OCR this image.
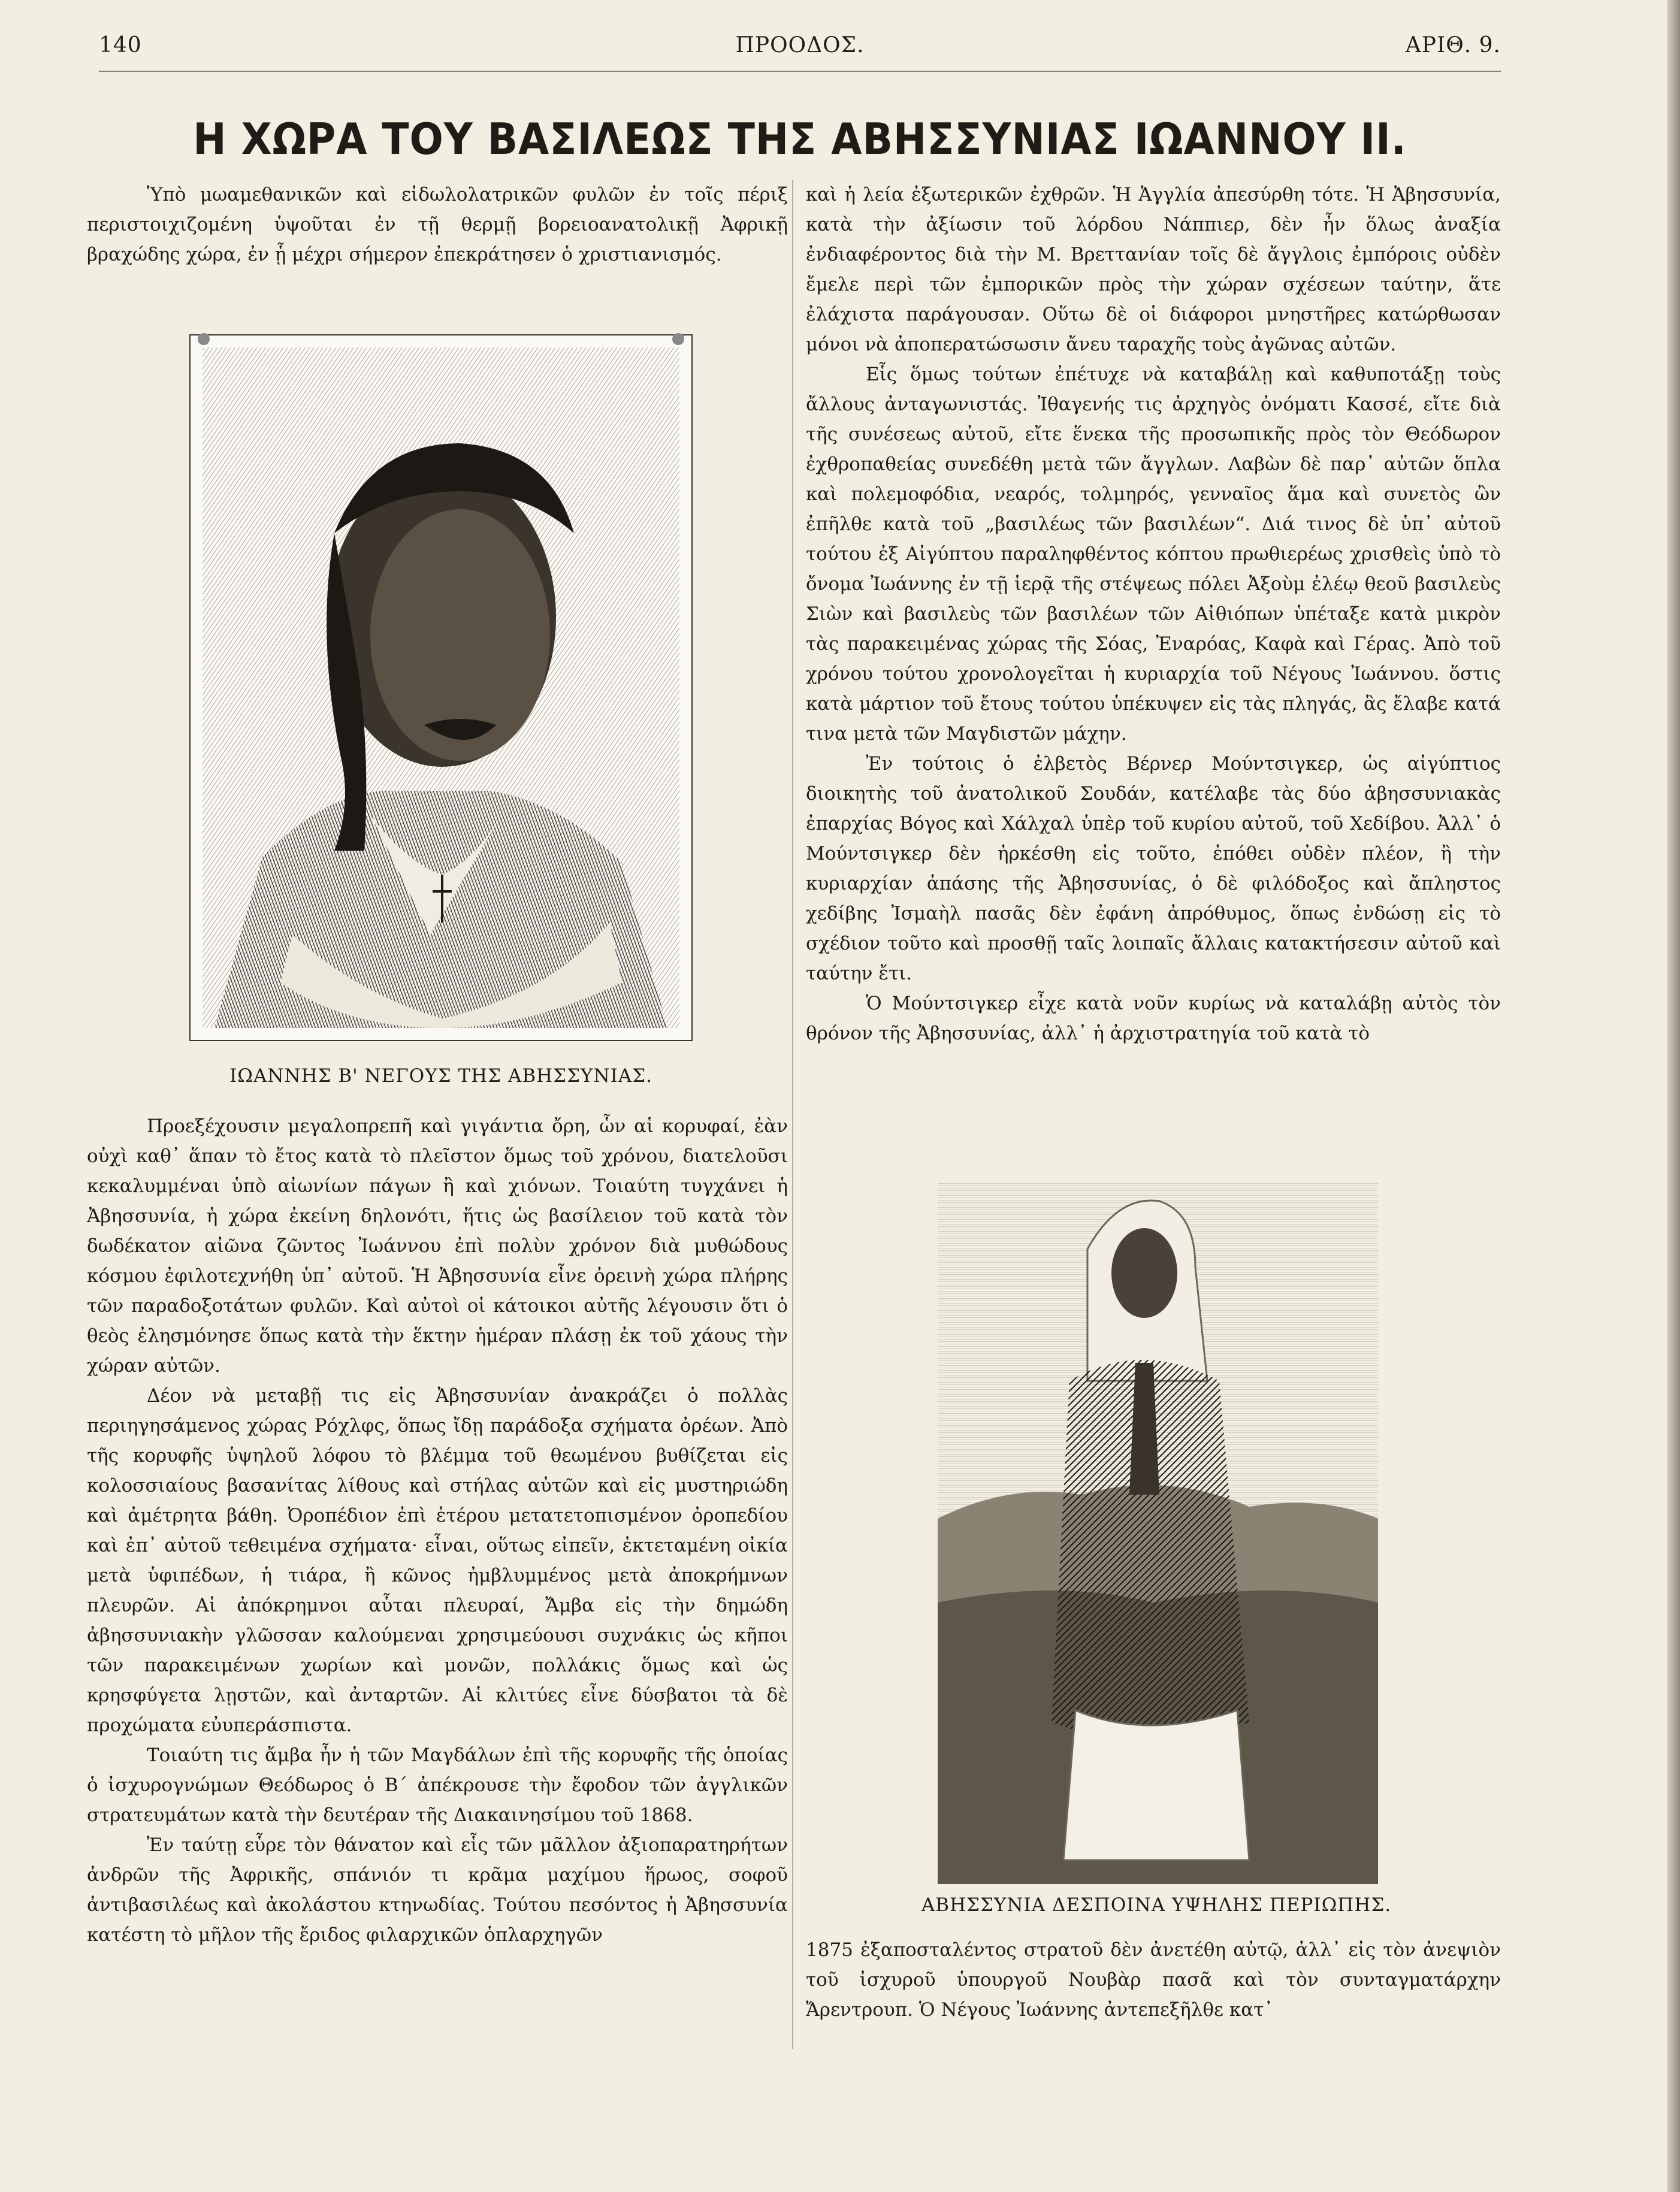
140	ΠΡΟΟΔΟΣ.	ΑΡΙΘ. 9.
Η ΧΩΡΑ ΤΟΥ ΒΑΣΙΛΕΩΣ ΤΗΣ ΑΒΗΣΣΥΝΙΑΣ ΙΩΑΝΝΟΥ ΙΙ.
Ὑπὸ μωαμεθανικῶν καὶ εἰδωλολατρικῶν φυλῶν ἐν τοῖς πέριξ περιστοιχιζομένη ὑψοῦται ἐν τῇ θερμῇ βορειοανατολικῇ Ἀφρικῇ βραχώδης χώρα, ἐν ᾗ μέχρι σήμερον ἐπεκράτησεν ὁ χριστιανισμός.
ΙΩΑΝΝΗΣ Β' ΝΕΓΟΥΣ ΤΗΣ ΑΒΗΣΣΥΝΙΑΣ.

Προεξέχουσιν μεγαλοπρεπῆ καὶ γιγάντια ὄρη, ὧν αἱ κορυφαί, ἐὰν οὐχὶ καθ᾽ ἅπαν τὸ ἔτος κατὰ τὸ πλεῖστον ὅμως τοῦ χρόνου, διατελοῦσι κεκαλυμμέναι ὑπὸ αἰωνίων πάγων ἢ καὶ χιόνων. Τοιαύτη τυγχάνει ἡ Ἀβησσυνία, ἡ χώρα ἐκείνη δηλονότι, ἥτις ὡς βασίλειον τοῦ κατὰ τὸν δωδέκατον αἰῶνα ζῶντος Ἰωάννου ἐπὶ πολὺν χρόνον διὰ μυθώδους κόσμου ἐφιλοτεχνήθη ὑπ᾽ αὐτοῦ. Ἡ Ἀβησσυνία εἶνε ὀρεινὴ χώρα πλήρης τῶν παραδοξοτάτων φυλῶν. Καὶ αὐτοὶ οἱ κάτοικοι αὐτῆς λέγουσιν ὅτι ὁ θεὸς ἐλησμόνησε ὅπως κατὰ τὴν ἕκτην ἡμέραν πλάσῃ ἐκ τοῦ χάους τὴν χώραν αὐτῶν.

Δέον νὰ μεταβῇ τις εἰς Ἀβησσυνίαν ἀνακράζει ὁ πολλὰς περιηγησάμενος χώρας Ρόχλφς, ὅπως ἴδῃ παράδοξα σχήματα ὀρέων. Ἀπὸ τῆς κορυφῆς ὑψηλοῦ λόφου τὸ βλέμμα τοῦ θεωμένου βυθίζεται εἰς κολοσσιαίους βασανίτας λίθους καὶ στήλας αὐτῶν καὶ εἰς μυστηριώδη καὶ ἀμέτρητα βάθη. Ὀροπέδιον ἐπὶ ἑτέρου μετατετοπισμένον ὀροπεδίου καὶ ἐπ᾽ αὐτοῦ τεθειμένα σχήματα· εἶναι, οὕτως εἰπεῖν, ἐκτεταμένη οἰκία μετὰ ὑφιπέδων, ἡ τιάρα, ἢ κῶνος ἠμβλυμμένος μετὰ ἀποκρήμνων πλευρῶν. Αἱ ἀπόκρημνοι αὗται πλευραί, Ἄμβα εἰς τὴν δημώδη ἀβησσυνιακὴν γλῶσσαν καλούμεναι χρησιμεύουσι συχνάκις ὡς κῆποι τῶν παρακειμένων χωρίων καὶ μονῶν, πολλάκις ὅμως καὶ ὡς κρησφύγετα λῃστῶν, καὶ ἀνταρτῶν. Αἱ κλιτύες εἶνε δύσβατοι τὰ δὲ προχώματα εὐυπεράσπιστα.

Τοιαύτη τις ἄμβα ἦν ἡ τῶν Μαγδάλων ἐπὶ τῆς κορυφῆς τῆς ὁποίας ὁ ἰσχυρογνώμων Θεόδωρος ὁ Β´ ἀπέκρουσε τὴν ἔφοδον τῶν ἀγγλικῶν στρατευμάτων κατὰ τὴν δευτέραν τῆς Διακαινησίμου τοῦ 1868.

Ἐν ταύτῃ εὗρε τὸν θάνατον καὶ εἷς τῶν μᾶλλον ἀξιοπαρατηρήτων ἀνδρῶν τῆς Ἀφρικῆς, σπάνιόν τι κρᾶμα μαχίμου ἥρωος, σοφοῦ ἀντιβασιλέως καὶ ἀκολάστου κτηνωδίας. Τούτου πεσόντος ἡ Ἀβησσυνία κατέστη τὸ μῆλον τῆς ἔριδος φιλαρχικῶν ὁπλαρχηγῶν

καὶ ἡ λεία ἐξωτερικῶν ἐχθρῶν. Ἡ Ἀγγλία ἀπεσύρθη τότε. Ἡ Ἀβησσυνία, κατὰ τὴν ἀξίωσιν τοῦ λόρδου Νάππιερ, δὲν ἦν ὅλως ἀναξία ἐνδιαφέροντος διὰ τὴν Μ. Βρεττανίαν τοῖς δὲ ἄγγλοις ἐμπόροις οὐδὲν ἔμελε περὶ τῶν ἐμπορικῶν πρὸς τὴν χώραν σχέσεων ταύτην, ἅτε ἐλάχιστα παράγουσαν. Οὕτω δὲ οἱ διάφοροι μνηστῆρες κατώρθωσαν μόνοι νὰ ἀποπερατώσωσιν ἄνευ ταραχῆς τοὺς ἀγῶνας αὐτῶν.

Εἷς ὅμως τούτων ἐπέτυχε νὰ καταβάλῃ καὶ καθυποτάξῃ τοὺς ἄλλους ἀνταγωνιστάς. Ἰθαγενής τις ἀρχηγὸς ὀνόματι Κασσέ, εἴτε διὰ τῆς συνέσεως αὐτοῦ, εἴτε ἕνεκα τῆς προσωπικῆς πρὸς τὸν Θεόδωρον ἐχθροπαθείας συνεδέθη μετὰ τῶν ἄγγλων. Λαβὼν δὲ παρ᾽ αὐτῶν ὅπλα καὶ πολεμοφόδια, νεαρός, τολμηρός, γενναῖος ἅμα καὶ συνετὸς ὢν ἐπῆλθε κατὰ τοῦ „βασιλέως τῶν βασιλέων“. Διά τινος δὲ ὑπ᾽ αὐτοῦ τούτου ἐξ Αἰγύπτου παραληφθέντος κόπτου πρωθιερέως χρισθεὶς ὑπὸ τὸ ὄνομα Ἰωάννης ἐν τῇ ἱερᾷ τῆς στέψεως πόλει Ἀξοὺμ ἐλέῳ θεοῦ βασιλεὺς Σιὼν καὶ βασιλεὺς τῶν βασιλέων τῶν Αἰθιόπων ὑπέταξε κατὰ μικρὸν τὰς παρακειμένας χώρας τῆς Σόας, Ἐναρόας, Καφὰ καὶ Γέρας. Ἀπὸ τοῦ χρόνου τούτου χρονολογεῖται ἡ κυριαρχία τοῦ Νέγους Ἰωάννου. ὅστις κατὰ μάρτιον τοῦ ἔτους τούτου ὑπέκυψεν εἰς τὰς πληγάς, ἃς ἔλαβε κατά τινα μετὰ τῶν Μαγδιστῶν μάχην.

Ἐν τούτοις ὁ ἐλβετὸς Βέρνερ Μούντσιγκερ, ὡς αἰγύπτιος διοικητὴς τοῦ ἀνατολικοῦ Σουδάν, κατέλαβε τὰς δύο ἀβησσυνιακὰς ἐπαρχίας Βόγος καὶ Χάλχαλ ὑπὲρ τοῦ κυρίου αὐτοῦ, τοῦ Χεδίβου. Ἀλλ᾽ ὁ Μούντσιγκερ δὲν ἠρκέσθη εἰς τοῦτο, ἐπόθει οὐδὲν πλέον, ἢ τὴν κυριαρχίαν ἁπάσης τῆς Ἀβησσυνίας, ὁ δὲ φιλόδοξος καὶ ἄπληστος χεδίβης Ἰσμαὴλ πασᾶς δὲν ἐφάνη ἀπρόθυμος, ὅπως ἐνδώσῃ εἰς τὸ σχέδιον τοῦτο καὶ προσθῇ ταῖς λοιπαῖς ἄλλαις κατακτήσεσιν αὐτοῦ καὶ ταύτην ἔτι.

Ὁ Μούντσιγκερ εἶχε κατὰ νοῦν κυρίως νὰ καταλάβῃ αὐτὸς τὸν θρόνον τῆς Ἀβησσυνίας, ἀλλ᾽ ἡ ἀρχιστρατηγία τοῦ κατὰ τὸ

ΑΒΗΣΣΥΝΙΑ ΔΕΣΠΟΙΝΑ ΥΨΗΛΗΣ ΠΕΡΙΩΠΗΣ.
1875 ἐξαποσταλέντος στρατοῦ δὲν ἀνετέθη αὐτῷ, ἀλλ᾽ εἰς τὸν ἀνεψιὸν τοῦ ἰσχυροῦ ὑπουργοῦ Νουβὰρ πασᾶ καὶ τὸν συνταγματάρχην Ἄρεντρουπ. Ὁ Νέγους Ἰωάννης ἀντεπεξῆλθε κατ᾽
